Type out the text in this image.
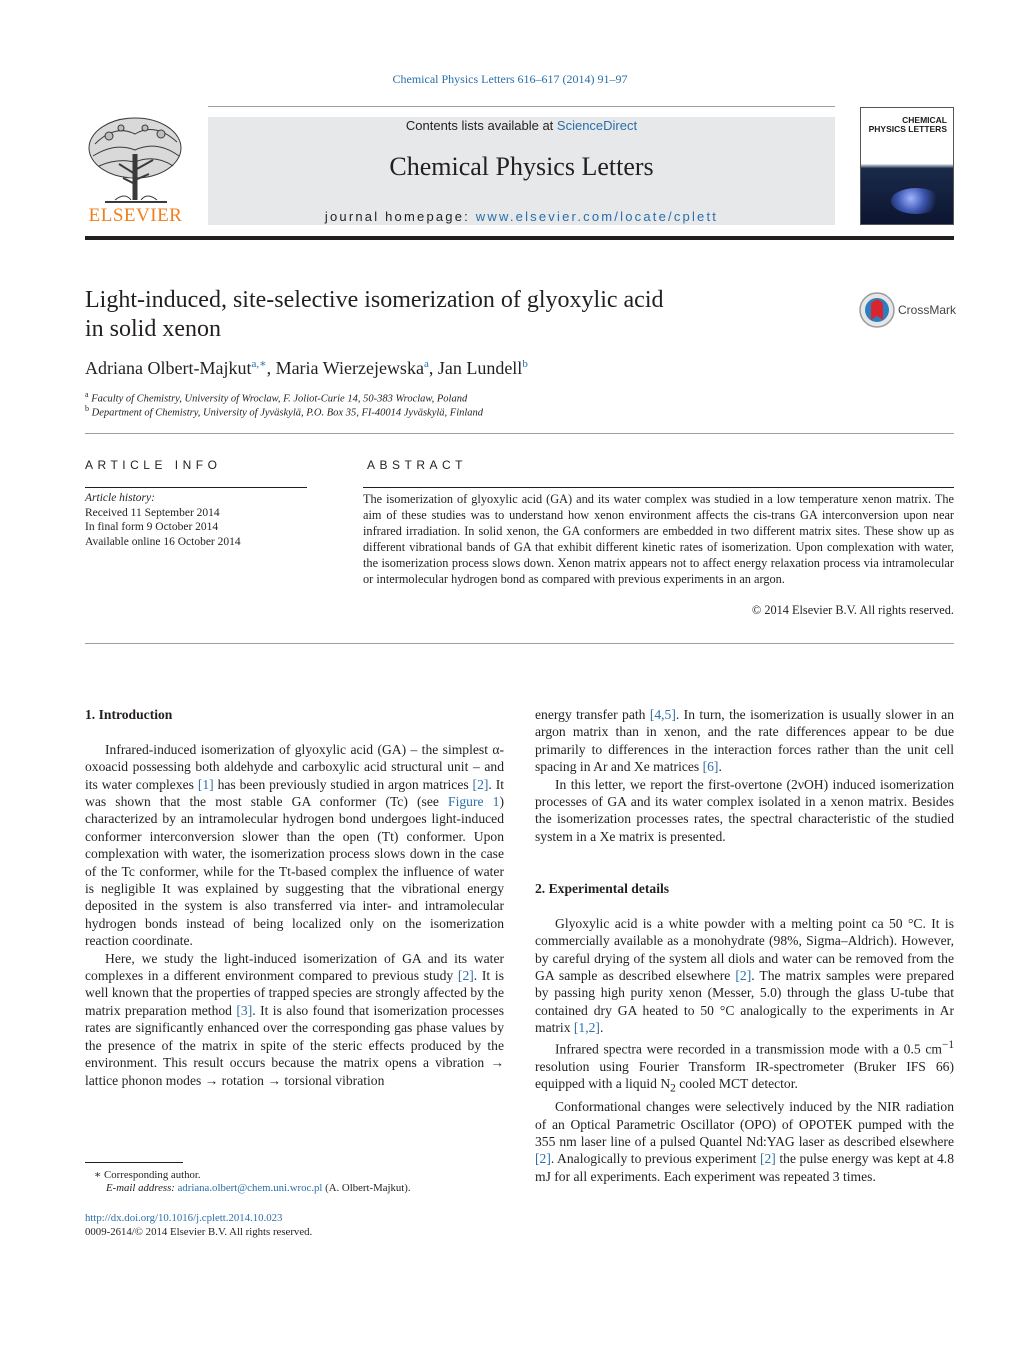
Chemical Physics Letters 616–617 (2014) 91–97
ELSEVIER
Contents lists available at ScienceDirect
Chemical Physics Letters
journal homepage: www.elsevier.com/locate/cplett
CHEMICAL PHYSICS LETTERS
Light-induced, site-selective isomerization of glyoxylic acid
in solid xenon
CrossMark
Adriana Olbert-Majkut$^{a,∗}$, Maria Wierzejewska$^a$, Jan Lundell$^b$
$^a$ Faculty of Chemistry, University of Wroclaw, F. Joliot-Curie 14, 50-383 Wroclaw, Poland
$^b$ Department of Chemistry, University of Jyväskylä, P.O. Box 35, FI-40014 Jyväskylä, Finland
ARTICLE INFO	ABSTRACT
Article history:
Received 11 September 2014
In final form 9 October 2014
Available online 16 October 2014
The isomerization of glyoxylic acid (GA) and its water complex was studied in a low temperature xenon matrix. The aim of these studies was to understand how xenon environment affects the cis-trans GA interconversion upon near infrared irradiation. In solid xenon, the GA conformers are embedded in two different matrix sites. These show up as different vibrational bands of GA that exhibit different kinetic rates of isomerization. Upon complexation with water, the isomerization process slows down. Xenon matrix appears not to affect energy relaxation process via intramolecular or intermolecular hydrogen bond as compared with previous experiments in an argon.
© 2014 Elsevier B.V. All rights reserved.
1. Introduction

Infrared-induced isomerization of glyoxylic acid (GA) – the simplest α-oxoacid possessing both aldehyde and carboxylic acid structural unit – and its water complexes [1] has been previously studied in argon matrices [2]. It was shown that the most stable GA conformer (Tc) (see Figure 1) characterized by an intramolecular hydrogen bond undergoes light-induced conformer interconversion slower than the open (Tt) conformer. Upon complexation with water, the isomerization process slows down in the case of the Tc conformer, while for the Tt-based complex the influence of water is negligible It was explained by suggesting that the vibrational energy deposited in the system is also transferred via inter- and intramolecular hydrogen bonds instead of being localized only on the isomerization reaction coordinate.

Here, we study the light-induced isomerization of GA and its water complexes in a different environment compared to previous study [2]. It is well known that the properties of trapped species are strongly affected by the matrix preparation method [3]. It is also found that isomerization processes rates are significantly enhanced over the corresponding gas phase values by the presence of the matrix in spite of the steric effects produced by the environment. This result occurs because the matrix opens a vibration → lattice phonon modes → rotation → torsional vibration

energy transfer path [4,5]. In turn, the isomerization is usually slower in an argon matrix than in xenon, and the rate differences appear to be due primarily to differences in the interaction forces rather than the unit cell spacing in Ar and Xe matrices [6].

In this letter, we report the first-overtone (2νOH) induced isomerization processes of GA and its water complex isolated in a xenon matrix. Besides the isomerization processes rates, the spectral characteristic of the studied system in a Xe matrix is presented.

2. Experimental details

Glyoxylic acid is a white powder with a melting point ca 50 °C. It is commercially available as a monohydrate (98%, Sigma–Aldrich). However, by careful drying of the system all diols and water can be removed from the GA sample as described elsewhere [2]. The matrix samples were prepared by passing high purity xenon (Messer, 5.0) through the glass U-tube that contained dry GA heated to 50 °C analogically to the experiments in Ar matrix [1,2].

Infrared spectra were recorded in a transmission mode with a 0.5 $cm^{-1}$ resolution using Fourier Transform IR-spectrometer (Bruker IFS 66) equipped with a liquid $N_2$ cooled MCT detector.

Conformational changes were selectively induced by the NIR radiation of an Optical Parametric Oscillator (OPO) of OPOTEK pumped with the 355 nm laser line of a pulsed Quantel Nd:YAG laser as described elsewhere [2]. Analogically to previous experiment [2] the pulse energy was kept at 4.8 mJ for all experiments. Each experiment was repeated 3 times.

∗ Corresponding author.
E-mail address: adriana.olbert@chem.uni.wroc.pl (A. Olbert-Majkut).
http://dx.doi.org/10.1016/j.cplett.2014.10.023
0009-2614/© 2014 Elsevier B.V. All rights reserved.
